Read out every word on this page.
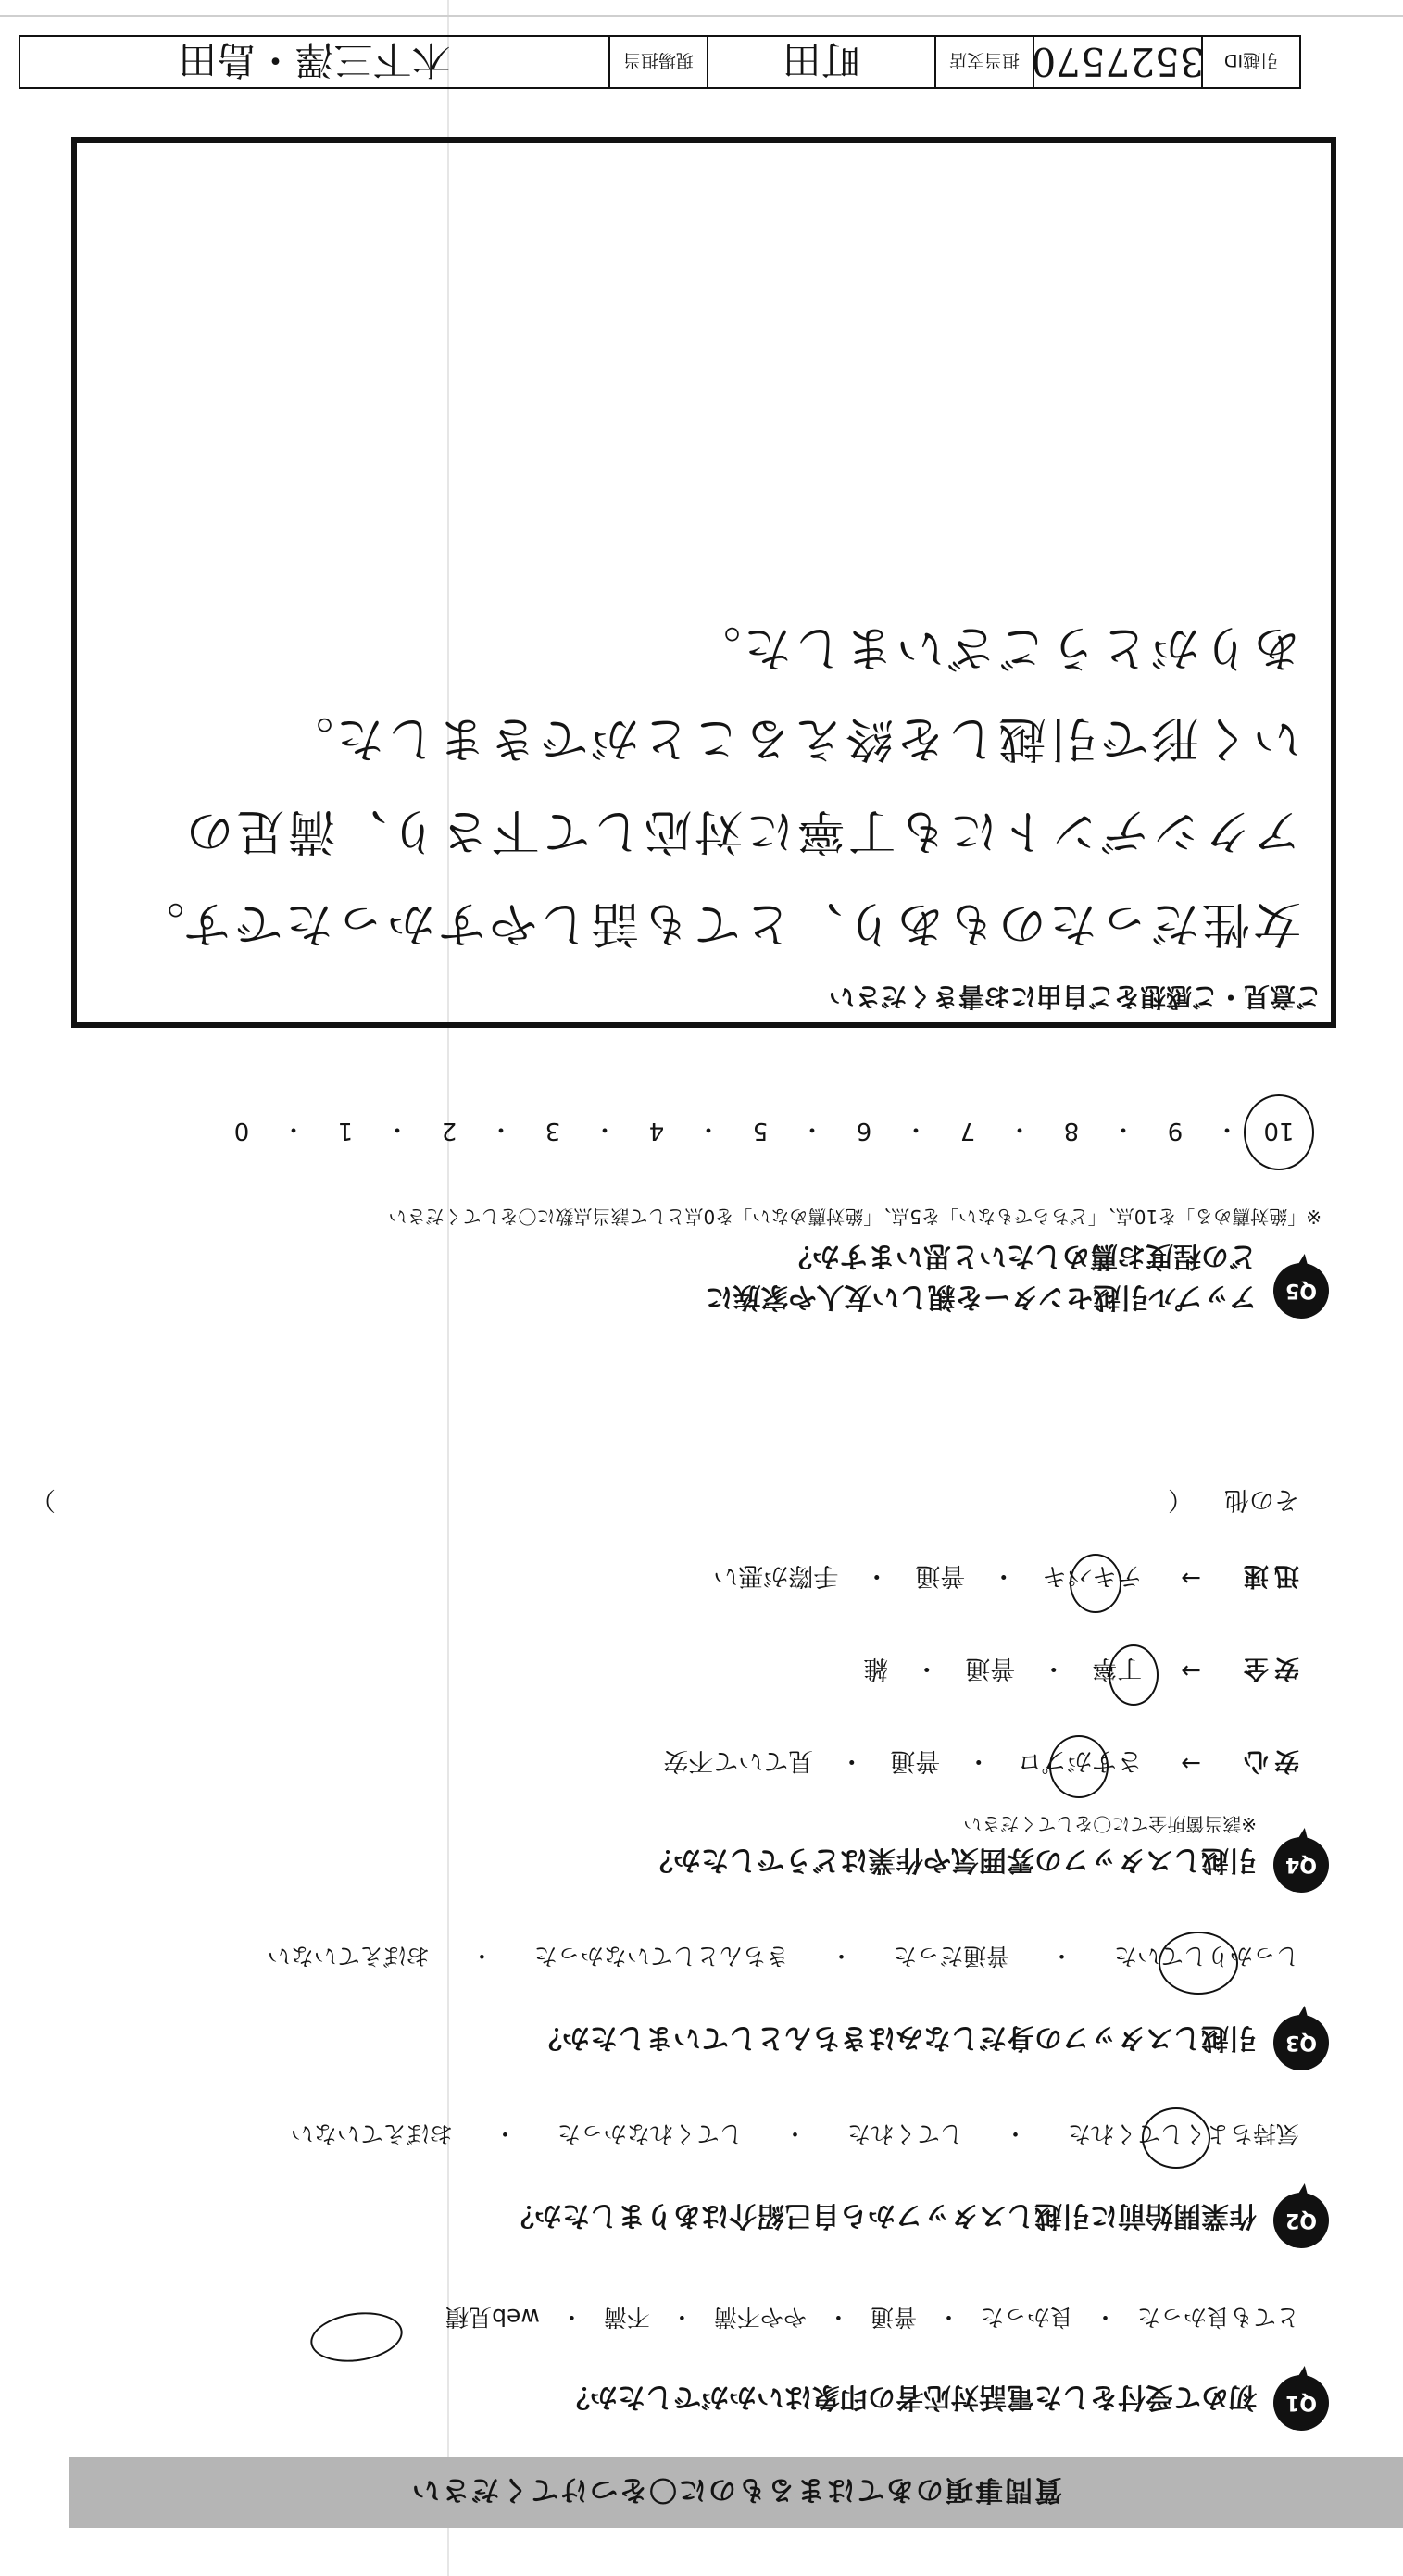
質問事項のあてはまるものに〇をつけてください
Q1
初めて受付をした電話対応者の印象はいかがでしたか？
とても良かった
・
良かった
・
普通
・
やや不満
・
不満
・
web見積
Q2
作業開始前に引越しスタッフから自己紹介はありましたか？
気持ちよくしてくれた
・
してくれた
・
してくれなかった
・
おぼえていない
Q3
引越しスタッフの身だしなみはきちんとしていましたか？
しっかりしていた
・
普通だった
・
きちんとしていなかった
・
おぼえていない
Q4
引越しスタッフの雰囲気や作業はどうでしたか？
※該当箇所全てに〇をしてください
安心
→
さすがプロ
・
普通
・
見ていて不安
安全
→
丁寧
・
普通
・
雑
迅速
→
テキパキ
・
普通
・
手際が悪い
その他
（
）
Q5
アップル引越センターを親しい友人や家族に
どの程度お薦めしたいと思いますか？
※「絶対薦める」を10点、「どちらでもない」を5点、「絶対薦めない」を0点として該当点数に〇をしてください
10
・
9
・
8
・
7
・
6
・
5
・
4
・
3
・
2
・
1
・
0
ご意見・ご感想をご自由にお書きください
女性だったのもあり、とても話しやすかったです。
アクシデントにも丁寧に対応して下さり、満足の
いく形で引越しを終えることができました。
ありがとうございました。
引越ID
3527570
担当支店
町田
現場担当
木下三澤・島田
